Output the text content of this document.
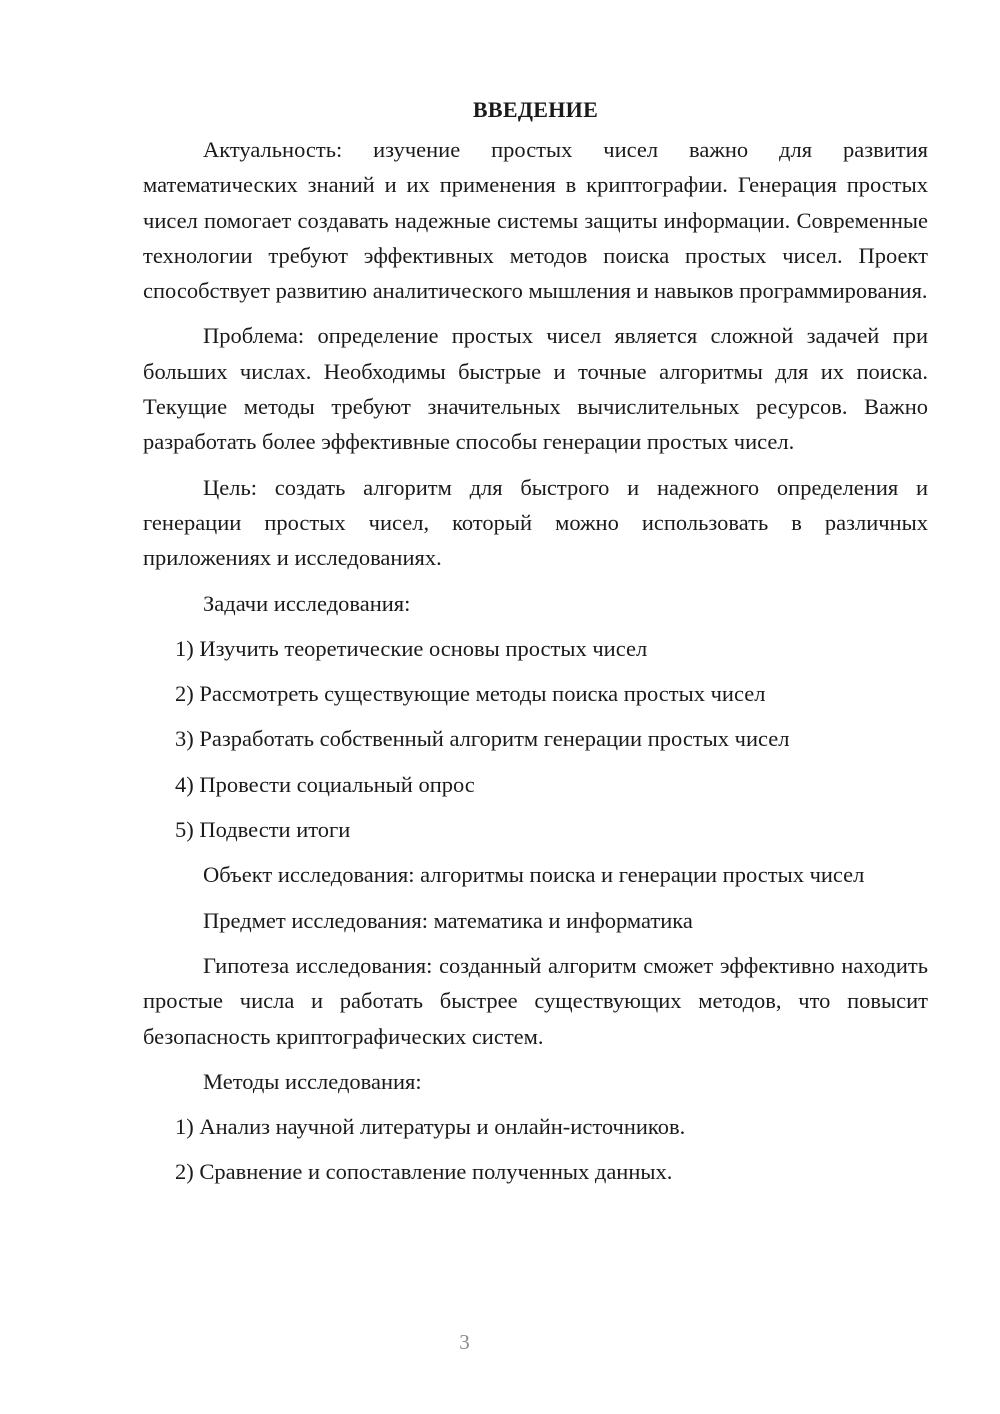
ВВЕДЕНИЕ

Актуальность: изучение простых чисел важно для развития математических знаний и их применения в криптографии. Генерация простых чисел помогает создавать надежные системы защиты информации. Современные технологии требуют эффективных методов поиска простых чисел. Проект способствует развитию аналитического мышления и навыков программирования.

Проблема: определение простых чисел является сложной задачей при больших числах. Необходимы быстрые и точные алгоритмы для их поиска. Текущие методы требуют значительных вычислительных ресурсов. Важно разработать более эффективные способы генерации простых чисел.

Цель: создать алгоритм для быстрого и надежного определения и генерации простых чисел, который можно использовать в различных приложениях и исследованиях.

Задачи исследования:

1) Изучить теоретические основы простых чисел

2) Рассмотреть существующие методы поиска простых чисел

3) Разработать собственный алгоритм генерации простых чисел

4) Провести социальный опрос

5) Подвести итоги

Объект исследования: алгоритмы поиска и генерации простых чисел

Предмет исследования: математика и информатика

Гипотеза исследования: созданный алгоритм сможет эффективно находить простые числа и работать быстрее существующих методов, что повысит безопасность криптографических систем.

Методы исследования:

1) Анализ научной литературы и онлайн-источников.

2) Сравнение и сопоставление полученных данных.

3
